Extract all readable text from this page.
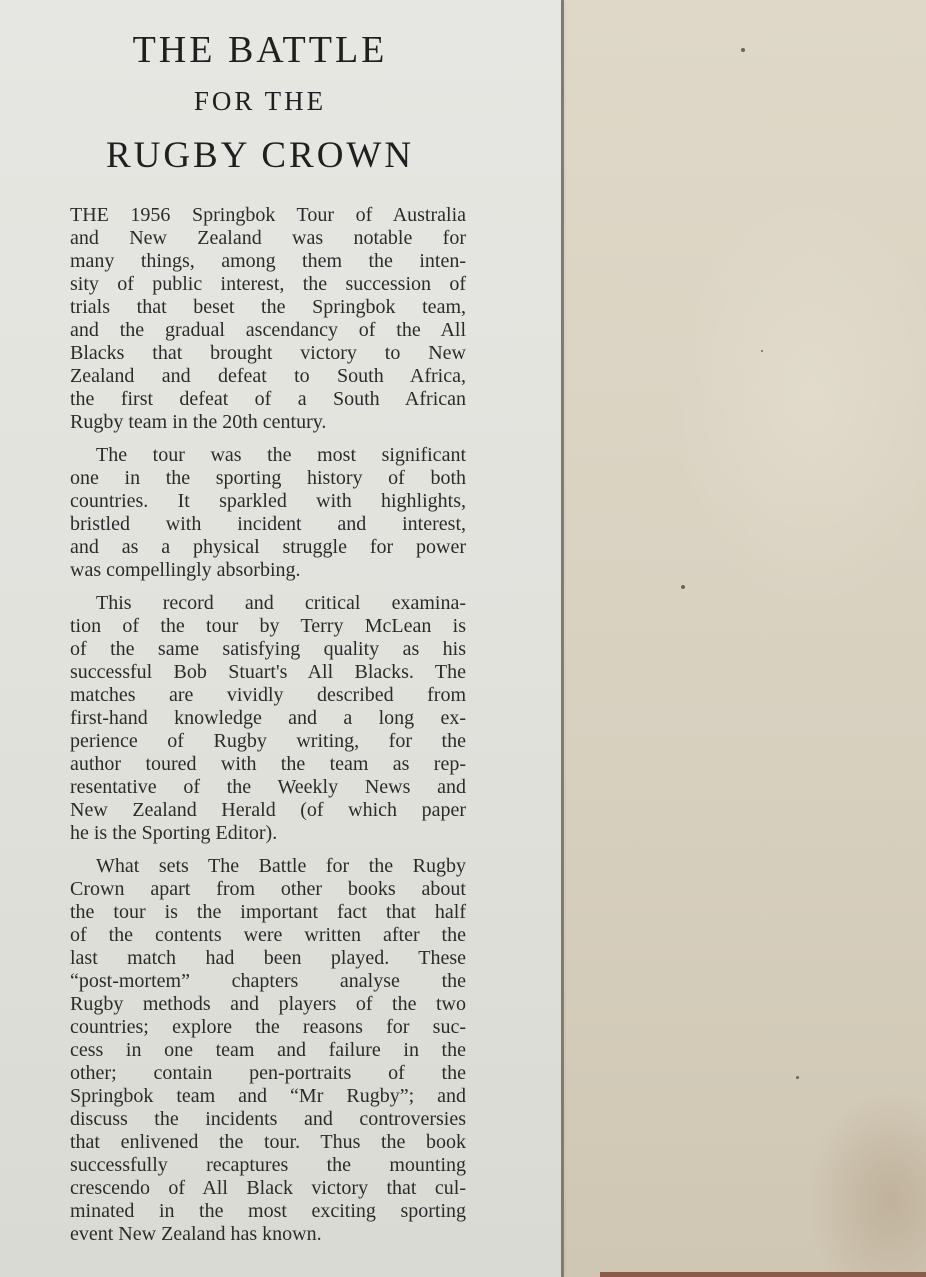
THE BATTLE
FOR THE
RUGBY CROWN
THE 1956 Springbok Tour of Australia
and New Zealand was notable for
many things, among them the inten-
sity of public interest, the succession of
trials that beset the Springbok team,
and the gradual ascendancy of the All
Blacks that brought victory to New
Zealand and defeat to South Africa,
the first defeat of a South African
Rugby team in the 20th century.
The tour was the most significant
one in the sporting history of both
countries. It sparkled with highlights,
bristled with incident and interest,
and as a physical struggle for power
was compellingly absorbing.
This record and critical examina-
tion of the tour by Terry McLean is
of the same satisfying quality as his
successful Bob Stuart's All Blacks. The
matches are vividly described from
first-hand knowledge and a long ex-
perience of Rugby writing, for the
author toured with the team as rep-
resentative of the Weekly News and
New Zealand Herald (of which paper
he is the Sporting Editor).
What sets The Battle for the Rugby
Crown apart from other books about
the tour is the important fact that half
of the contents were written after the
last match had been played. These
“post-mortem” chapters analyse the
Rugby methods and players of the two
countries; explore the reasons for suc-
cess in one team and failure in the
other; contain pen-portraits of the
Springbok team and “Mr Rugby”; and
discuss the incidents and controversies
that enlivened the tour. Thus the book
successfully recaptures the mounting
crescendo of All Black victory that cul-
minated in the most exciting sporting
event New Zealand has known.
